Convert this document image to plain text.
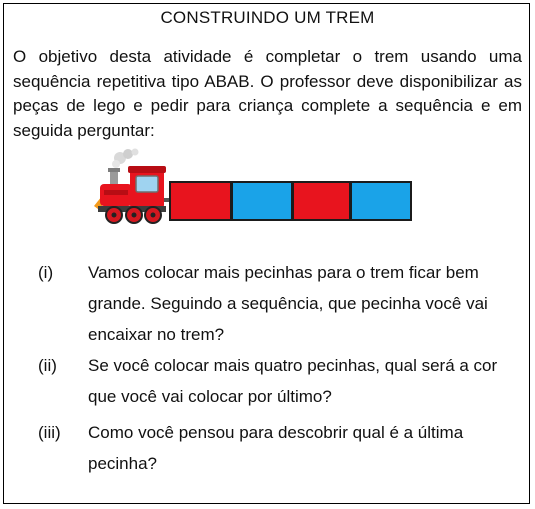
CONSTRUINDO UM TREM
O objetivo desta atividade é completar o trem usando uma sequência repetitiva tipo ABAB. O professor deve disponibilizar as peças de lego e pedir para criança complete a sequência e em seguida perguntar:
(i) Vamos colocar mais pecinhas para o trem ficar bem grande. Seguindo a sequência, que pecinha você vai encaixar no trem?
(ii) Se você colocar mais quatro pecinhas, qual será a cor que você vai colocar por último?
(iii) Como você pensou para descobrir qual é a última pecinha?
